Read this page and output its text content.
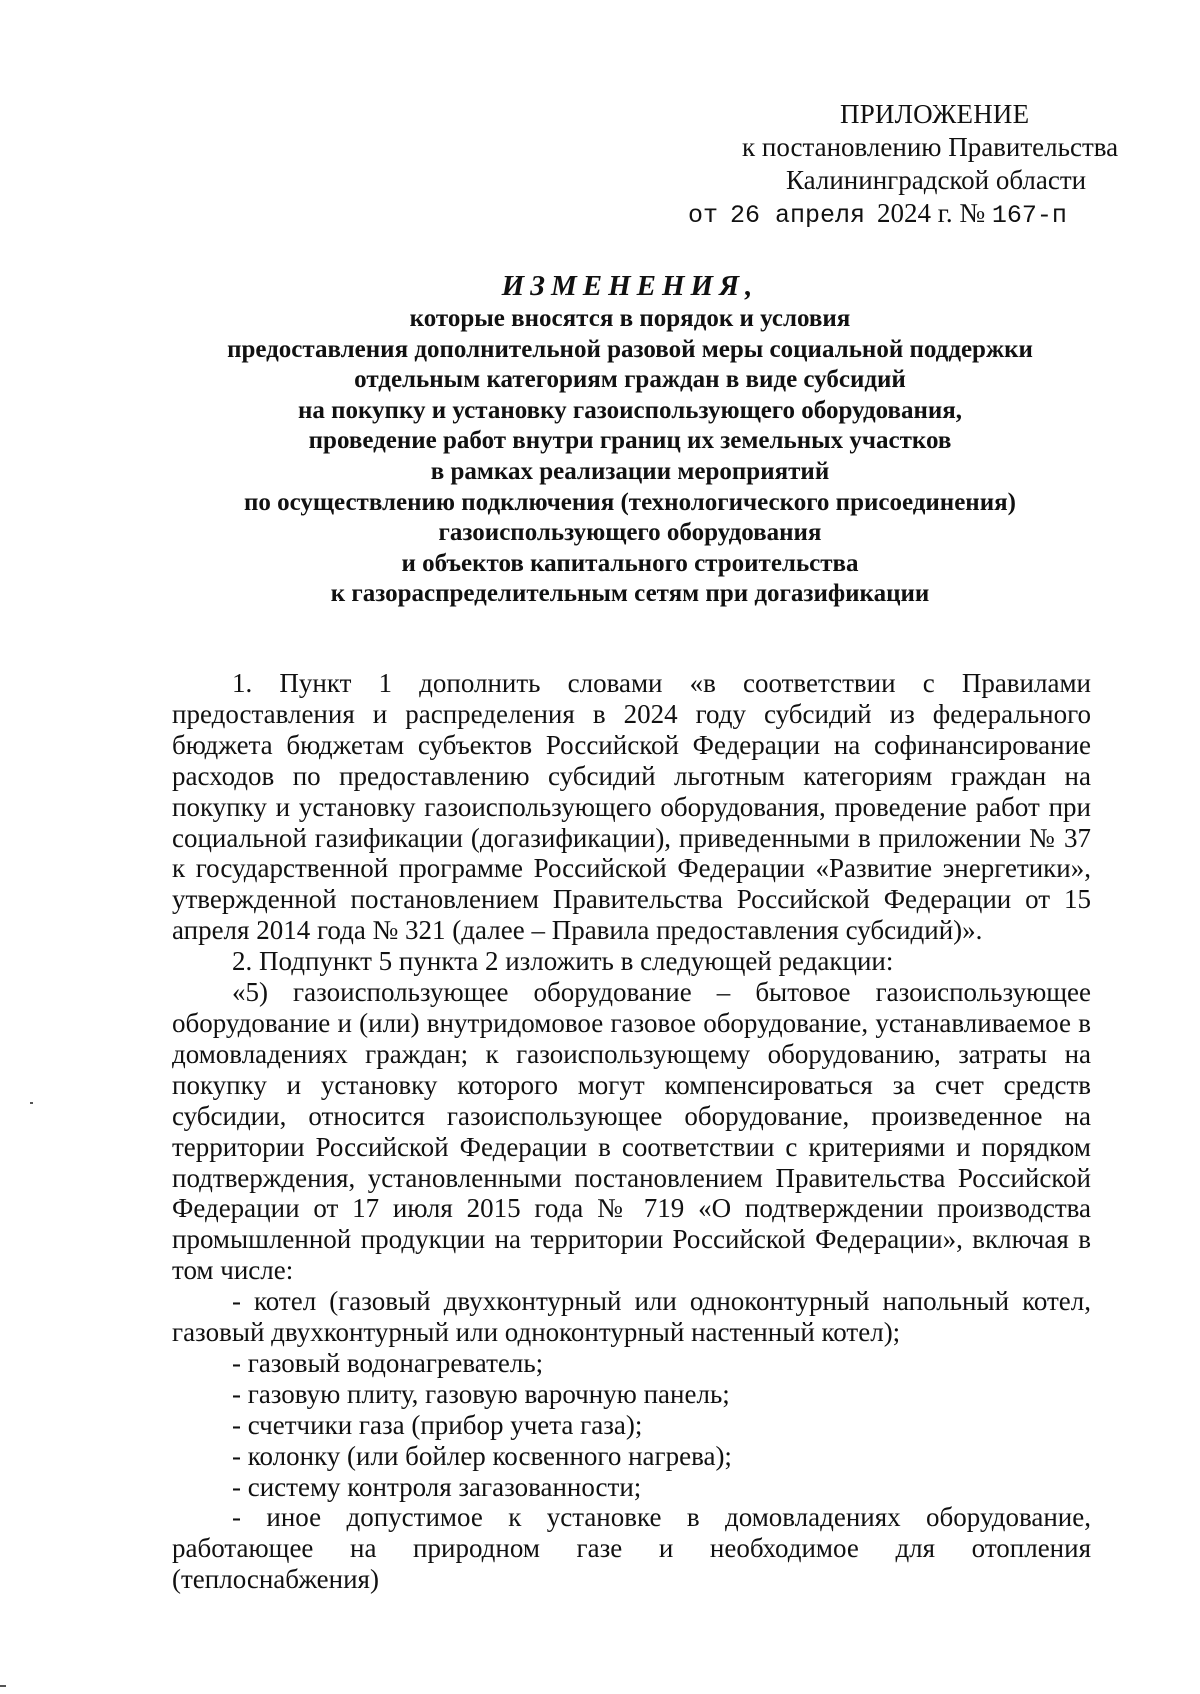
ПРИЛОЖЕНИЕ
к постановлению Правительства
Калининградской области
от 26 апреля 2024 г. № 167-п
ИЗМЕНЕНИЯ,
которые вносятся в порядок и условия
предоставления дополнительной разовой меры социальной поддержки
отдельным категориям граждан в виде субсидий
на покупку и установку газоиспользующего оборудования,
проведение работ внутри границ их земельных участков
в рамках реализации мероприятий
по осуществлению подключения (технологического присоединения)
газоиспользующего оборудования
и объектов капитального строительства
к газораспределительным сетям при догазификации

1. Пункт 1 дополнить словами «в соответствии с Правилами предоставления и распределения в 2024 году субсидий из федерального бюджета бюджетам субъектов Российской Федерации на софинансирование расходов по предоставлению субсидий льготным категориям граждан на покупку и установку газоиспользующего оборудования, проведение работ при социальной газификации (догазификации), приведенными в приложении № 37 к государственной программе Российской Федерации «Развитие энергетики», утвержденной постановлением Правительства Российской Федерации от 15 апреля 2014 года № 321 (далее – Правила предоставления субсидий)».

2. Подпункт 5 пункта 2 изложить в следующей редакции:

«5) газоиспользующее оборудование – бытовое газоиспользующее оборудование и (или) внутридомовое газовое оборудование, устанавливаемое в домовладениях граждан; к газоиспользующему оборудованию, затраты на покупку и установку которого могут компенсироваться за счет средств субсидии, относится газоиспользующее оборудование, произведенное на территории Российской Федерации в соответствии с критериями и порядком подтверждения, установленными постановлением Правительства Российской Федерации от 17 июля 2015 года № 719 «О подтверждении производства промышленной продукции на территории Российской Федерации», включая в том числе:

- котел (газовый двухконтурный или одноконтурный напольный котел, газовый двухконтурный или одноконтурный настенный котел);

- газовый водонагреватель;

- газовую плиту, газовую варочную панель;

- счетчики газа (прибор учета газа);

- колонку (или бойлер косвенного нагрева);

- систему контроля загазованности;

- иное допустимое к установке в домовладениях оборудование, работающее на природном газе и необходимое для отопления (теплоснабжения)
